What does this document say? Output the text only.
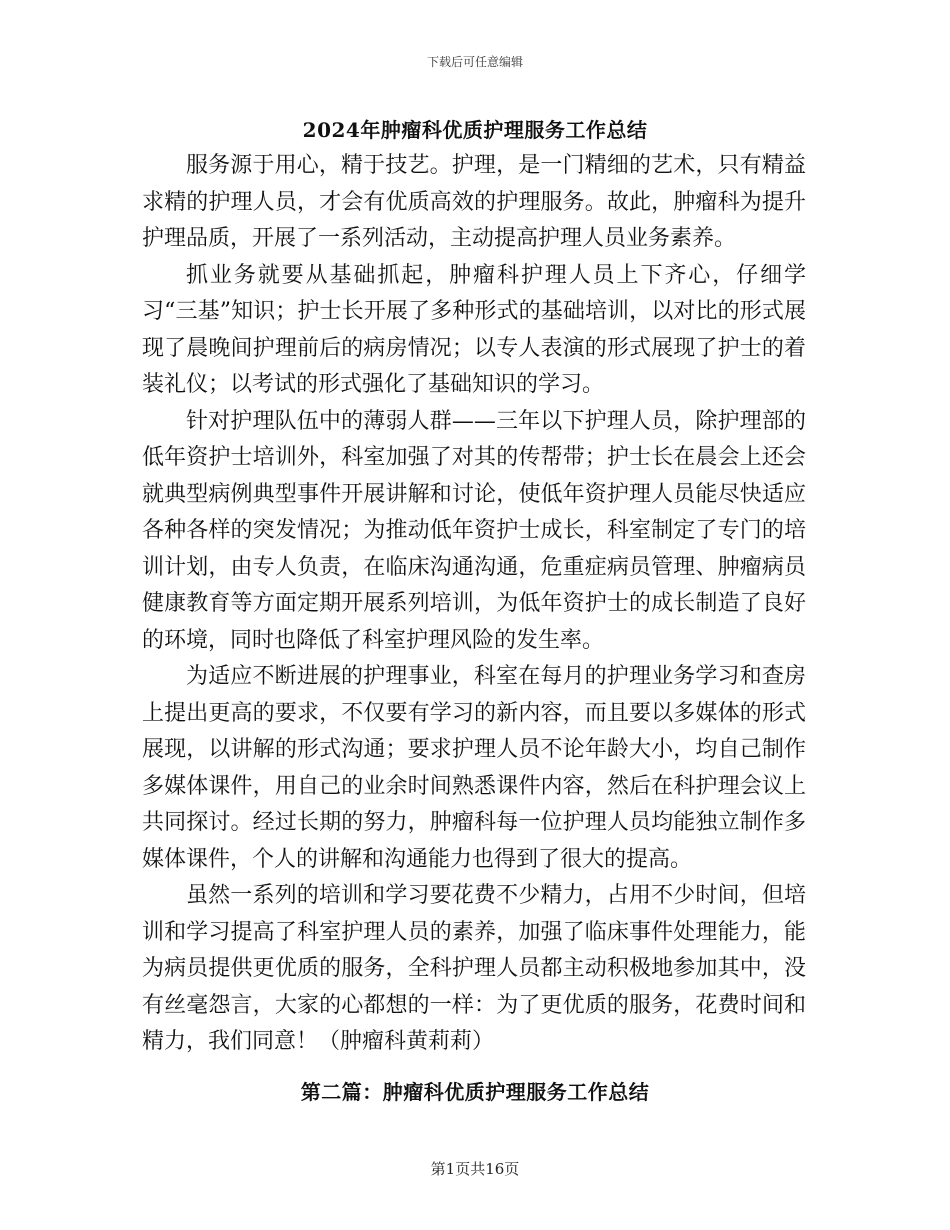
下载后可任意编辑
2024年肿瘤科优质护理服务工作总结

服务源于用心，精于技艺。护理，是一门精细的艺术，只有精益求精的护理人员，才会有优质高效的护理服务。故此，肿瘤科为提升护理品质，开展了一系列活动，主动提高护理人员业务素养。

抓业务就要从基础抓起，肿瘤科护理人员上下齐心，仔细学习“三基”知识；护士长开展了多种形式的基础培训，以对比的形式展现了晨晚间护理前后的病房情况；以专人表演的形式展现了护士的着装礼仪；以考试的形式强化了基础知识的学习。

针对护理队伍中的薄弱人群——三年以下护理人员，除护理部的低年资护士培训外，科室加强了对其的传帮带；护士长在晨会上还会就典型病例典型事件开展讲解和讨论，使低年资护理人员能尽快适应各种各样的突发情况；为推动低年资护士成长，科室制定了专门的培训计划，由专人负责，在临床沟通沟通，危重症病员管理、肿瘤病员健康教育等方面定期开展系列培训，为低年资护士的成长制造了良好的环境，同时也降低了科室护理风险的发生率。

为适应不断进展的护理事业，科室在每月的护理业务学习和查房上提出更高的要求，不仅要有学习的新内容，而且要以多媒体的形式展现，以讲解的形式沟通；要求护理人员不论年龄大小，均自己制作多媒体课件，用自己的业余时间熟悉课件内容，然后在科护理会议上共同探讨。经过长期的努力，肿瘤科每一位护理人员均能独立制作多媒体课件，个人的讲解和沟通能力也得到了很大的提高。

虽然一系列的培训和学习要花费不少精力，占用不少时间，但培训和学习提高了科室护理人员的素养，加强了临床事件处理能力，能为病员提供更优质的服务，全科护理人员都主动积极地参加其中，没有丝毫怨言，大家的心都想的一样：为了更优质的服务，花费时间和精力，我们同意！（肿瘤科黄莉莉）

第二篇：肿瘤科优质护理服务工作总结
第1页共16页
